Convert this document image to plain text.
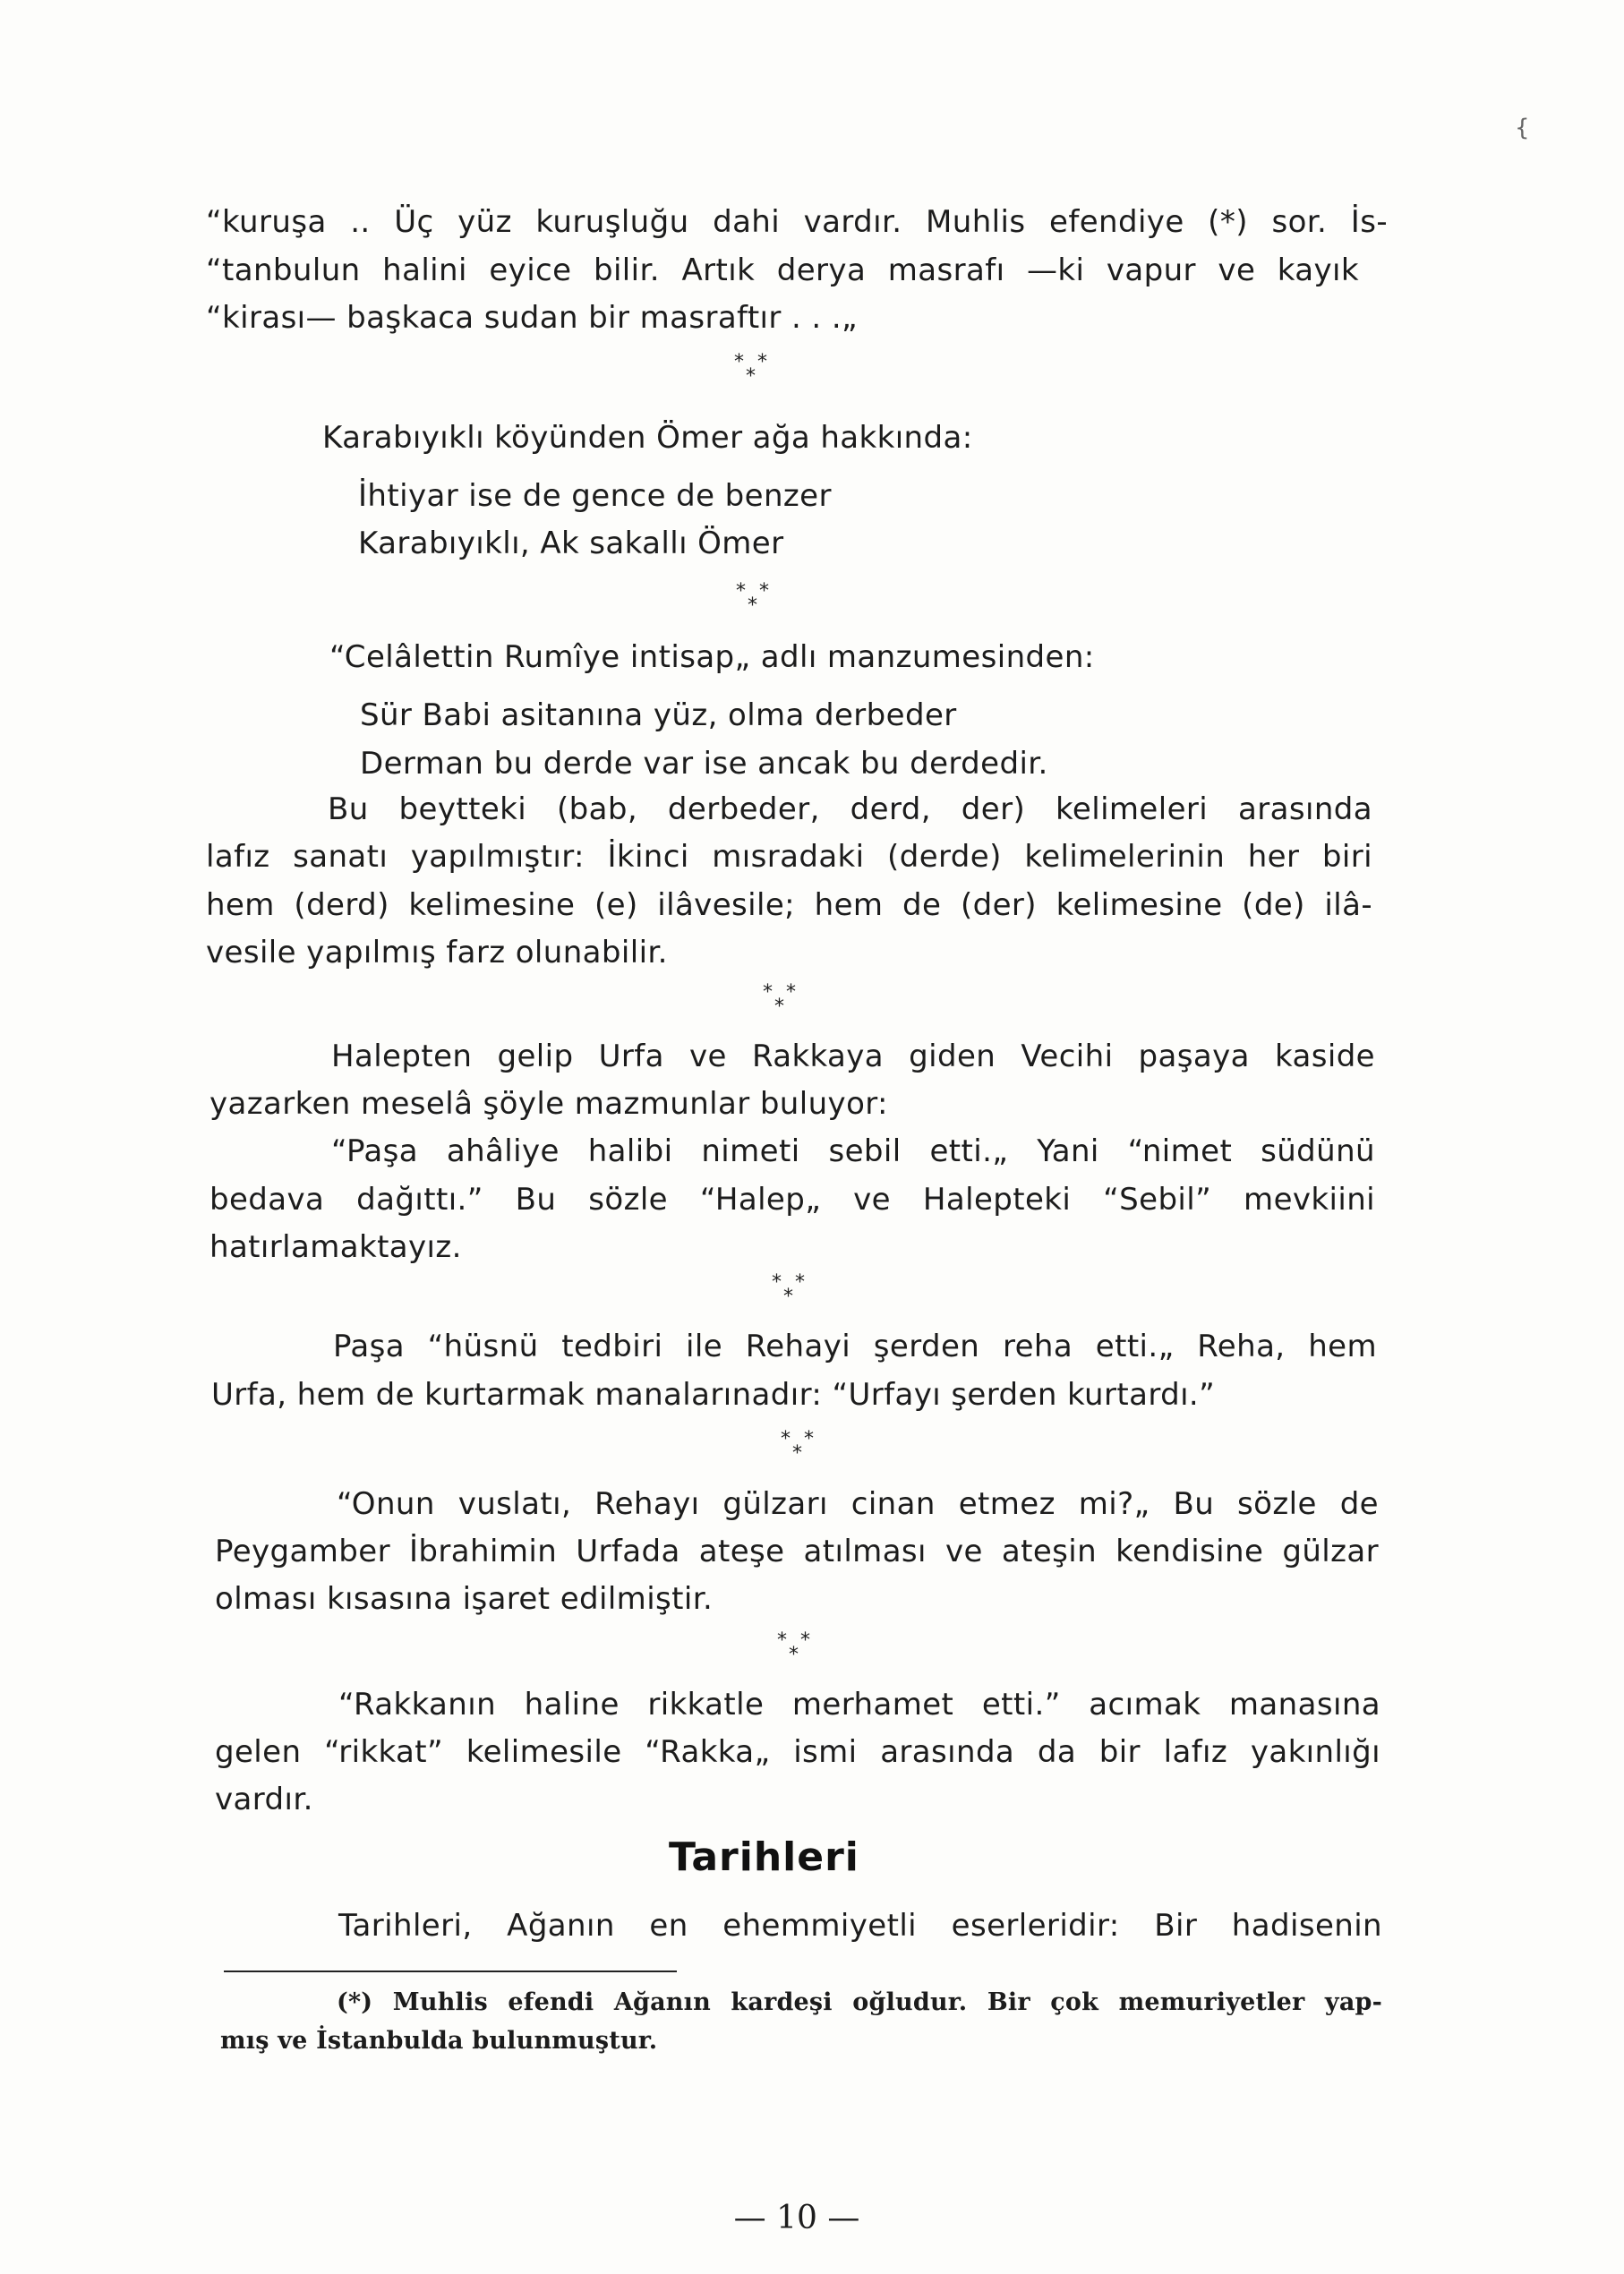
{
“kuruşa .. Üç yüz kuruşluğu dahi vardır. Muhlis efendiye (*) sor. İs-
“tanbulun halini eyice bilir. Artık derya masrafı —ki vapur ve kayık
“kirası— başkaca sudan bir masraftır . . .„
* *
*
Karabıyıklı köyünden Ömer ağa hakkında:
İhtiyar ise de gence de benzer
Karabıyıklı, Ak sakallı Ömer
* *
*
“Celâlettin Rumîye intisap„ adlı manzumesinden:
Sür Babi asitanına yüz, olma derbeder
Derman bu derde var ise ancak bu derdedir.
Bu beytteki (bab, derbeder, derd, der) kelimeleri arasında
lafız sanatı yapılmıştır: İkinci mısradaki (derde) kelimelerinin her biri
hem (derd) kelimesine (e) ilâvesile; hem de (der) kelimesine (de) ilâ-
vesile yapılmış farz olunabilir.
* *
*
Halepten gelip Urfa ve Rakkaya giden Vecihi paşaya kaside
yazarken meselâ şöyle mazmunlar buluyor:
“Paşa ahâliye halibi nimeti sebil etti.„ Yani “nimet südünü
bedava dağıttı.” Bu sözle “Halep„ ve Halepteki “Sebil” mevkiini
hatırlamaktayız.
* *
*
Paşa “hüsnü tedbiri ile Rehayi şerden reha etti.„ Reha, hem
Urfa, hem de kurtarmak manalarınadır: “Urfayı şerden kurtardı.”
* *
*
“Onun vuslatı, Rehayı gülzarı cinan etmez mi?„ Bu sözle de
Peygamber İbrahimin Urfada ateşe atılması ve ateşin kendisine gülzar
olması kısasına işaret edilmiştir.
* *
*
“Rakkanın haline rikkatle merhamet etti.” acımak manasına
gelen “rikkat” kelimesile “Rakka„ ismi arasında da bir lafız yakınlığı
vardır.
Tarihleri
Tarihleri, Ağanın en ehemmiyetli eserleridir: Bir hadisenin
(*) Muhlis efendi Ağanın kardeşi oğludur. Bir çok memuriyetler yap-
mış ve İstanbulda bulunmuştur.
— 10 —
